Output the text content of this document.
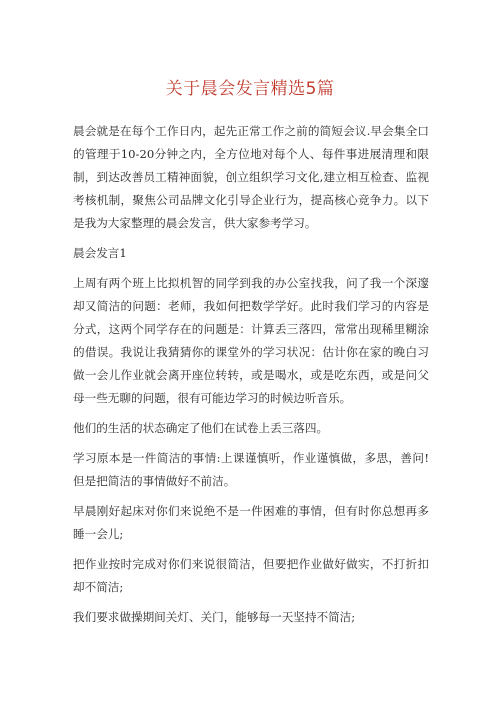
关于晨会发言精选5篇

晨会就是在每个工作日内，起先正常工作之前的简短会议.早会集全口的管理于10-20分钟之内，全方位地对每个人、每件事进展清理和限制，到达改善员工精神面貌，创立组织学习文化,建立相互检查、监视考核机制，聚焦公司品牌文化引导企业行为，提高核心竞争力。以下是我为大家整理的晨会发言，供大家参考学习。

晨会发言1

上周有两个班上比拟机智的同学到我的办公室找我，问了我一个深邃却又简洁的问题：老师，我如何把数学学好。此时我们学习的内容是分式，这两个同学存在的问题是：计算丢三落四，常常出现稀里糊涂的借误。我说让我猜猜你的课堂外的学习状况：估计你在家的晚白习做一会儿作业就会离开座位转转，或是喝水，或是吃东西，或是问父母一些无聊的问题，很有可能边学习的时候边听音乐。

他们的生活的状态确定了他们在试卷上丢三落四。

学习原本是一件简洁的事情:上课谨慎听，作业谨慎做，多思，善问!但是把简洁的事情做好不前洁。

早晨刚好起床对你们来说绝不是一件困难的事情，但有时你总想再多睡一会儿;

把作业按时完成对你们来说很简洁，但要把作业做好做实，不打折扣却不简洁;

我们要求做操期间关灯、关门，能够每一天坚持不简洁;
